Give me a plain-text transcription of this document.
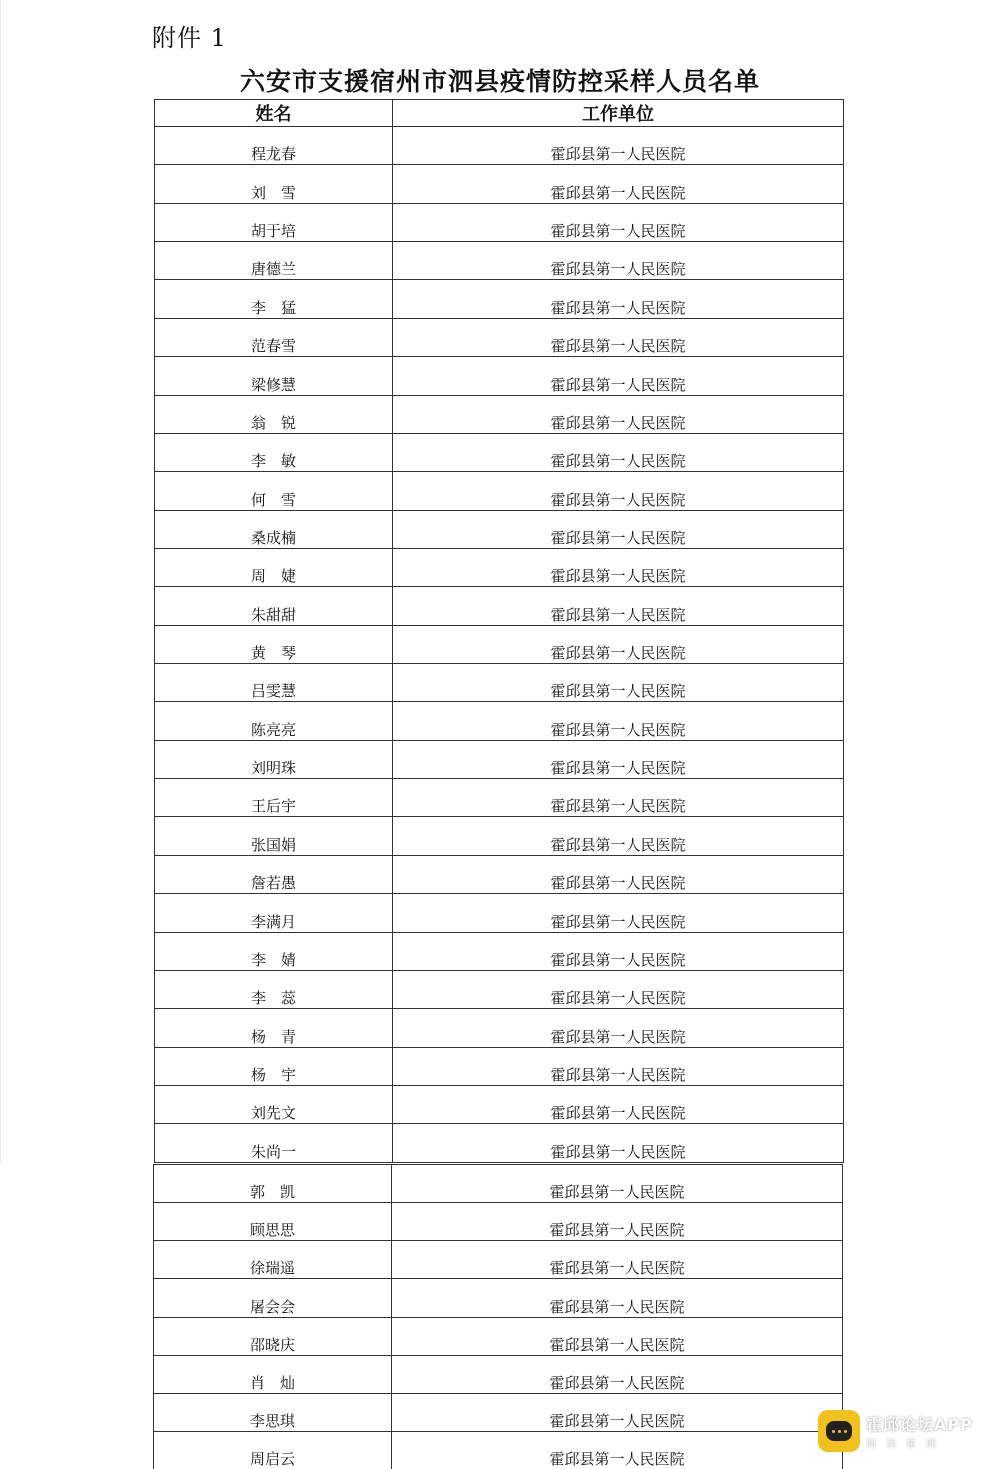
附件 1
六安市支援宿州市泗县疫情防控采样人员名单
姓名	工作单位
程龙春	霍邱县第一人民医院
刘　雪	霍邱县第一人民医院
胡于培	霍邱县第一人民医院
唐德兰	霍邱县第一人民医院
李　猛	霍邱县第一人民医院
范春雪	霍邱县第一人民医院
梁修慧	霍邱县第一人民医院
翁　锐	霍邱县第一人民医院
李　敏	霍邱县第一人民医院
何　雪	霍邱县第一人民医院
桑成楠	霍邱县第一人民医院
周　婕	霍邱县第一人民医院
朱甜甜	霍邱县第一人民医院
黄　琴	霍邱县第一人民医院
吕雯慧	霍邱县第一人民医院
陈亮亮	霍邱县第一人民医院
刘明珠	霍邱县第一人民医院
王后宇	霍邱县第一人民医院
张国娟	霍邱县第一人民医院
詹若愚	霍邱县第一人民医院
李满月	霍邱县第一人民医院
李　婧	霍邱县第一人民医院
李　蕊	霍邱县第一人民医院
杨　青	霍邱县第一人民医院
杨　宇	霍邱县第一人民医院
刘先文	霍邱县第一人民医院
朱尚一	霍邱县第一人民医院
郭　凯	霍邱县第一人民医院
顾思思	霍邱县第一人民医院
徐瑞遥	霍邱县第一人民医院
屠会会	霍邱县第一人民医院
邵晓庆	霍邱县第一人民医院
肖　灿	霍邱县第一人民医院
李思琪	霍邱县第一人民医院
周启云	霍邱县第一人民医院
霍邱论坛APP
阅读霍邱
